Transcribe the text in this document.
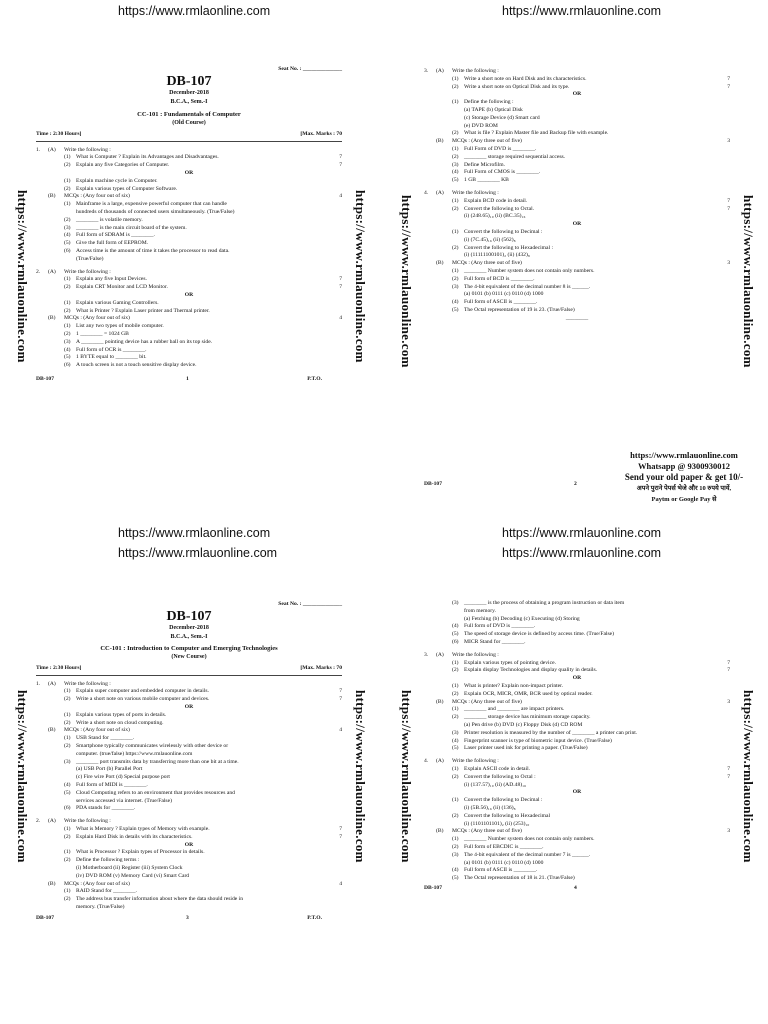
https://www.rmlaonline.com	https://www.rmlauonline.com
https://www.rmlaonline.com	https://www.rmlauonline.com
https://www.rmlauonline.com	https://www.rmlauonline.com
https://www.rmlauonline.com	https://www.rmlauonline.com https://www.rmlauonline.com	https://www.rmlauonline.com
https://www.rmlauonline.com	https://www.rmlauonline.com https://www.rmlauonline.com	https://www.rmlauonline.com
Seat No. : ______________
DB-107
December-2018
B.C.A., Sem.-I
CC-101 : Fundamentals of Computer
(Old Course)
Time : 2:30 Hours]	[Max. Marks : 70
1. (A) Write the following :
(1) What is Computer ? Explain its Advantages and Disadvantages.	7
(2) Explain any five Categories of Computer.	7
OR
(1) Explain machine cycle in Computer.
(2) Explain various types of Computer Software.
(B) MCQs : (Any four out of six)	4
(1) Mainframe is a large, expensive powerful computer that can handle
hundreds of thousands of connected users simultaneously. (True/False)
(2) ________ is volatile memory.
(3) ________ is the main circuit board of the system.
(4) Full form of SDRAM is ________.
(5) Give the full form of EEPROM.
(6) Access time is the amount of time it takes the processor to read data.
(True/False)
2. (A) Write the following :
(1) Explain any five Input Devices.	7
(2) Explain CRT Monitor and LCD Monitor.	7
OR
(1) Explain various Gaming Controllers.
(2) What is Printer ? Explain Laser printer and Thermal printer.
(B) MCQs : (Any four out of six)	4
(1) List any two types of mobile computer.
(2) 1 ________ = 1024 GB
(3) A ________ pointing device has a rubber ball on its top side.
(4) Full form of OCR is ________.
(5) 1 BYTE equal to ________ bit.
(6) A touch screen is not a touch sensitive display device.
DB-107	1	P.T.O.
3. (A) Write the following :
(1) Write a short note on Hard Disk and its characteristics.	7
(2) Write a short note on Optical Disk and its type.	7
OR
(1) Define the following :
(a) TAPE (b) Optical Disk
(c) Storage Device (d) Smart card
(e) DVD ROM
(2) What is file ? Explain Master file and Backup file with example.
(B) MCQs : (Any three out of five)	3
(1) Full Form of DVD is ________.
(2) ________ storage required sequential access.
(3) Define Microfilm.
(4) Full Form of CMOS is ________.
(5) 1 GB ________ KB
4. (A) Write the following :
(1) Explain BCD code in detail.	7
(2) Convert the following to Octal.	7
(i) (248.65)₁₀ (ii) (BC.35)₁₆
OR
(1) Convert the following to Decimal :
(i) (7C.45)₁₆ (ii) (562)₈
(2) Convert the following to Hexadecimal :
(i) (11111100101)₂ (ii) (432)₈
(B) MCQs : (Any three out of five)	3
(1) ________ Number system does not contain only numbers.
(2) Full form of BCD is ________.
(3) The 4-bit equivalent of the decimal number 8 is ______.
(a) 0101 (b) 0111 (c) 0110 (d) 1000
(4) Full form of ASCII is ________.
(5) The Octal representation of 19 is 23. (True/False)
________
https://www.rmlauonline.com
Whatsapp @ 9300930012
Send your old paper & get 10/-
अपने पुराने पेपर्स भेजे और 10 रुपये पायें,
Paytm or Google Pay से
DB-107	2
Seat No. : ______________
DB-107
December-2018
B.C.A., Sem.-I
CC-101 : Introduction to Computer and Emerging Technologies
(New Course)
Time : 2:30 Hours]	[Max. Marks : 70
1. (A) Write the following :
(1) Explain super computer and embedded computer in details.	7
(2) Write a short note on various mobile computer and devices.	7
OR
(1) Explain various types of ports in details.
(2) Write a short note on cloud computing.
(B) MCQs : (Any four out of six)	4
(1) USB Stand for ________.
(2) Smartphone typically communicates wirelessly with other device or
computer. (true/false) https://www.rmlauonline.com
(3) ________ port transmits data by transferring more than one bit at a time.
(a) USB Port (b) Parallel Port
(c) Fire wire Port (d) Special purpose port
(4) Full form of MIDI is ________.
(5) Cloud Computing refers to an environment that provides resources and
services accessed via internet. (True/False)
(6) PDA stands for ________.
2. (A) Write the following :
(1) What is Memory ? Explain types of Memory with example.	7
(2) Explain Hard Disk in details with its characteristics.	7
OR
(1) What is Processor ? Explain types of Processor in details.
(2) Define the following terms :
(i) Motherboard (ii) Register (iii) System Clock
(iv) DVD ROM (v) Memory Card (vi) Smart Card
(B) MCQs : (Any four out of six)	4
(1) RAID Stand for ________.
(2) The address bus transfer information about where the data should reside in
memory. (True/False)
DB-107	3	P.T.O.
(3) ________ is the process of obtaining a program instruction or data item
from memory.
(a) Fetching (b) Decoding (c) Executing (d) Storing
(4) Full form of DVD is ________.
(5) The speed of storage device is defined by access time. (True/False)
(6) MICR Stand for ________.
3. (A) Write the following :
(1) Explain various types of pointing device.	7
(2) Explain display Technologies and display quality in details.	7
OR
(1) What is printer? Explain non-impact printer.
(2) Explain OCR, MICR, OMR, BCR used by optical reader.
(B) MCQs : (Any three out of five)	3
(1) ________ and ________ are impact printers.
(2) ________ storage device has minimum storage capacity.
(a) Pen drive (b) DVD (c) Floppy Disk (d) CD ROM
(3) Printer resolution is measured by the number of ________ a printer can print.
(4) Fingerprint scanner is type of biometric input device. (True/False)
(5) Laser printer used ink for printing a paper. (True/False)
4. (A) Write the following :
(1) Explain ASCII code in detail.	7
(2) Convert the following to Octal :	7
(i) (137.57)₁₀ (ii) (AD.48)₁₆
OR
(1) Convert the following to Decimal :
(i) (5B.56)₁₆ (ii) (136)₈
(2) Convert the following to Hexadecimal
(i) (1101101101)₂ (ii) (253)₁₀
(B) MCQs : (Any three out of five)	3
(1) ________ Number system does not contain only numbers.
(2) Full form of EBCDIC is ________.
(3) The 4-bit equivalent of the decimal number 7 is ______.
(a) 0101 (b) 0111 (c) 0110 (d) 1000
(4) Full form of ASCII is ________.
(5) The Octal representation of 18 is 21. (True/False)
DB-107	4
